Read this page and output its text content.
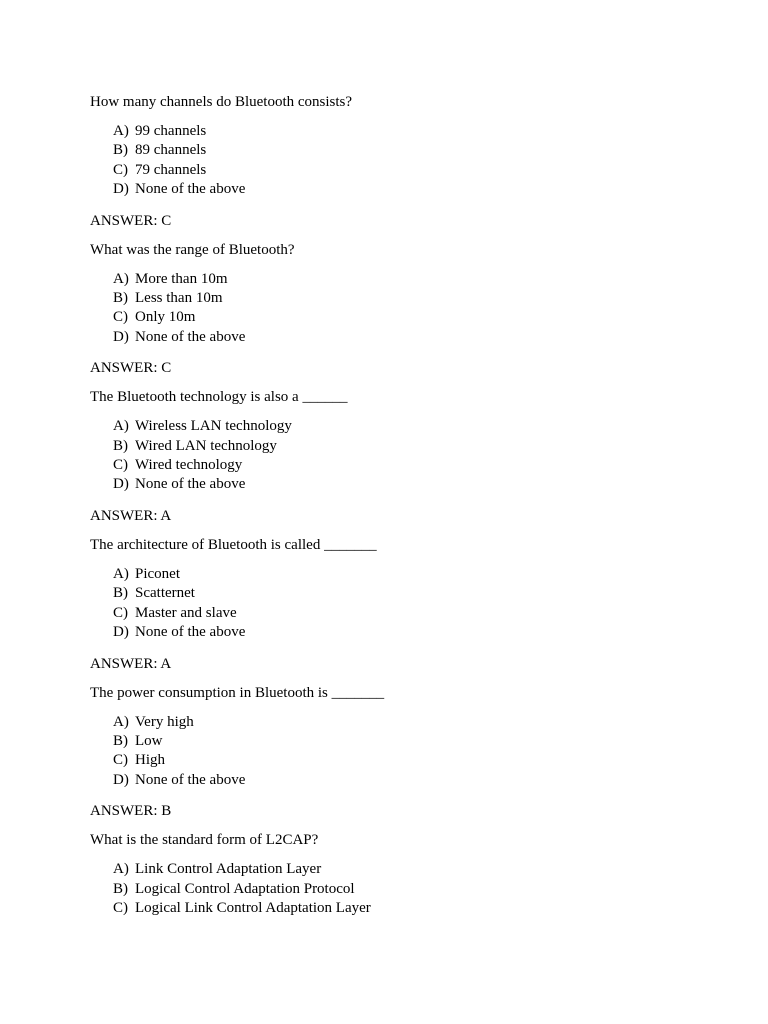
How many channels do Bluetooth consists?

A) 99 channels
B) 89 channels
C) 79 channels
D) None of the above

ANSWER: C

What was the range of Bluetooth?

A) More than 10m
B) Less than 10m
C) Only 10m
D) None of the above

ANSWER: C

The Bluetooth technology is also a ______

A) Wireless LAN technology
B) Wired LAN technology
C) Wired technology
D) None of the above

ANSWER: A

The architecture of Bluetooth is called _______

A) Piconet
B) Scatternet
C) Master and slave
D) None of the above

ANSWER: A

The power consumption in Bluetooth is _______

A) Very high
B) Low
C) High
D) None of the above

ANSWER: B

What is the standard form of L2CAP?

A) Link Control Adaptation Layer
B) Logical Control Adaptation Protocol
C) Logical Link Control Adaptation Layer
